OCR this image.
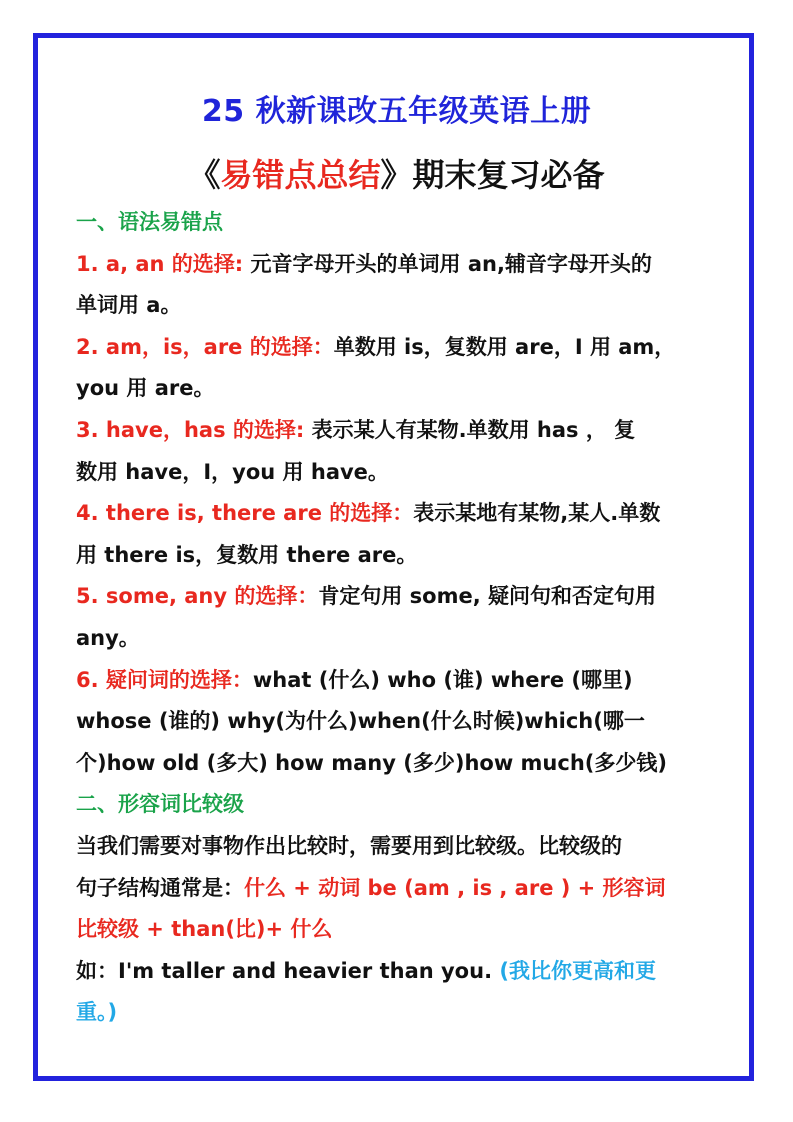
25 秋新课改五年级英语上册
《易错点总结》期末复习必备
一、语法易错点
1. a, an 的选择: 元音字母开头的单词用 an,辅音字母开头的
单词用 a。
2. am，is，are 的选择：单数用 is，复数用 are，I 用 am，
you 用 are。
3. have，has 的选择: 表示某人有某物.单数用 has ， 复
数用 have，I，you 用 have。
4. there is, there are 的选择：表示某地有某物,某人.单数
用 there is，复数用 there are。
5. some, any 的选择：肯定句用 some, 疑问句和否定句用
any。
6. 疑问词的选择：what (什么) who (谁) where (哪里)
whose (谁的) why(为什么)when(什么时候)which(哪一
个)how old (多大) how many (多少)how much(多少钱)
二、形容词比较级
当我们需要对事物作出比较时，需要用到比较级。比较级的
句子结构通常是：什么 + 动词 be (am , is , are ) + 形容词
比较级 + than(比)+ 什么
如：I'm taller and heavier than you. (我比你更高和更
重。)
